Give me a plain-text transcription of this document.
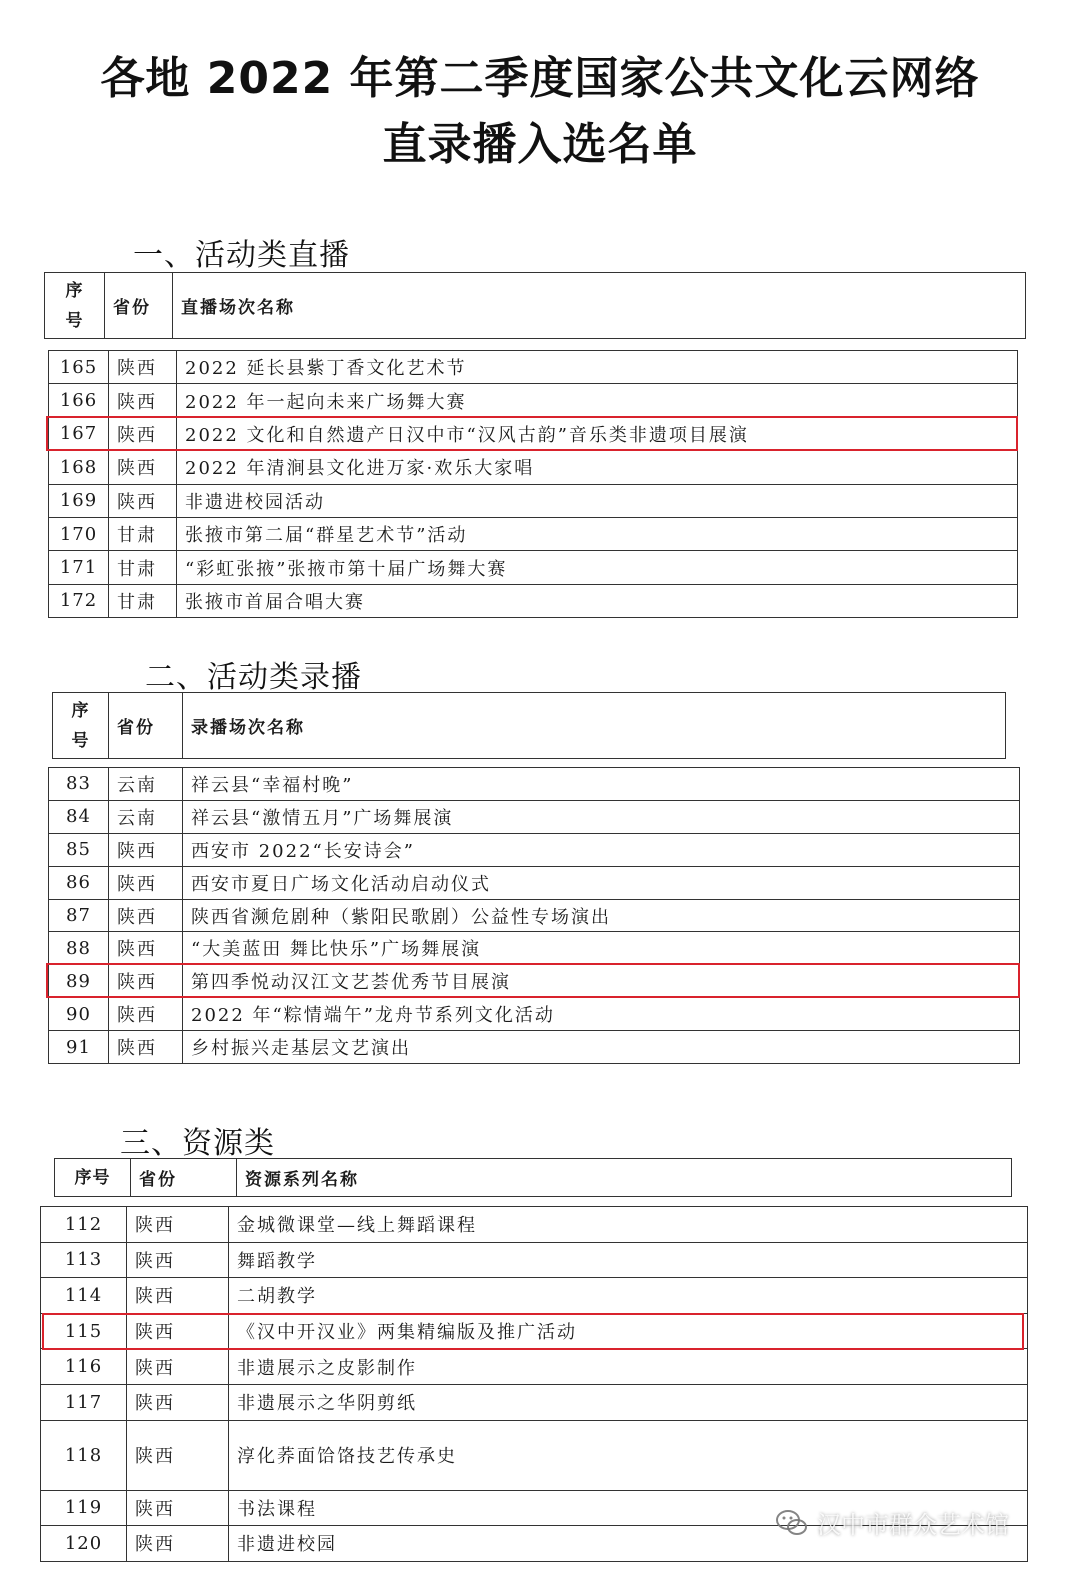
各地 2022 年第二季度国家公共文化云网络
直录播入选名单
一、活动类直播
序号	省份	直播场次名称
165	陕西	2022 延长县紫丁香文化艺术节
166	陕西	2022 年一起向未来广场舞大赛
167	陕西	2022 文化和自然遗产日汉中市“汉风古韵”音乐类非遗项目展演
168	陕西	2022 年清涧县文化进万家·欢乐大家唱
169	陕西	非遗进校园活动
170	甘肃	张掖市第二届“群星艺术节”活动
171	甘肃	“彩虹张掖”张掖市第十届广场舞大赛
172	甘肃	张掖市首届合唱大赛
二、活动类录播
序号	省份	录播场次名称
83	云南	祥云县“幸福村晚”
84	云南	祥云县“激情五月”广场舞展演
85	陕西	西安市 2022“长安诗会”
86	陕西	西安市夏日广场文化活动启动仪式
87	陕西	陕西省濒危剧种（紫阳民歌剧）公益性专场演出
88	陕西	“大美蓝田 舞比快乐”广场舞展演
89	陕西	第四季悦动汉江文艺荟优秀节目展演
90	陕西	2022 年“粽情端午”龙舟节系列文化活动
91	陕西	乡村振兴走基层文艺演出
三、资源类
序号	省份	资源系列名称
112	陕西	金城微课堂—线上舞蹈课程
113	陕西	舞蹈教学
114	陕西	二胡教学
115	陕西	《汉中开汉业》两集精编版及推广活动
116	陕西	非遗展示之皮影制作
117	陕西	非遗展示之华阴剪纸
118	陕西	淳化荞面饸饹技艺传承史
119	陕西	书法课程
120	陕西	非遗进校园
汉中市群众艺术馆
